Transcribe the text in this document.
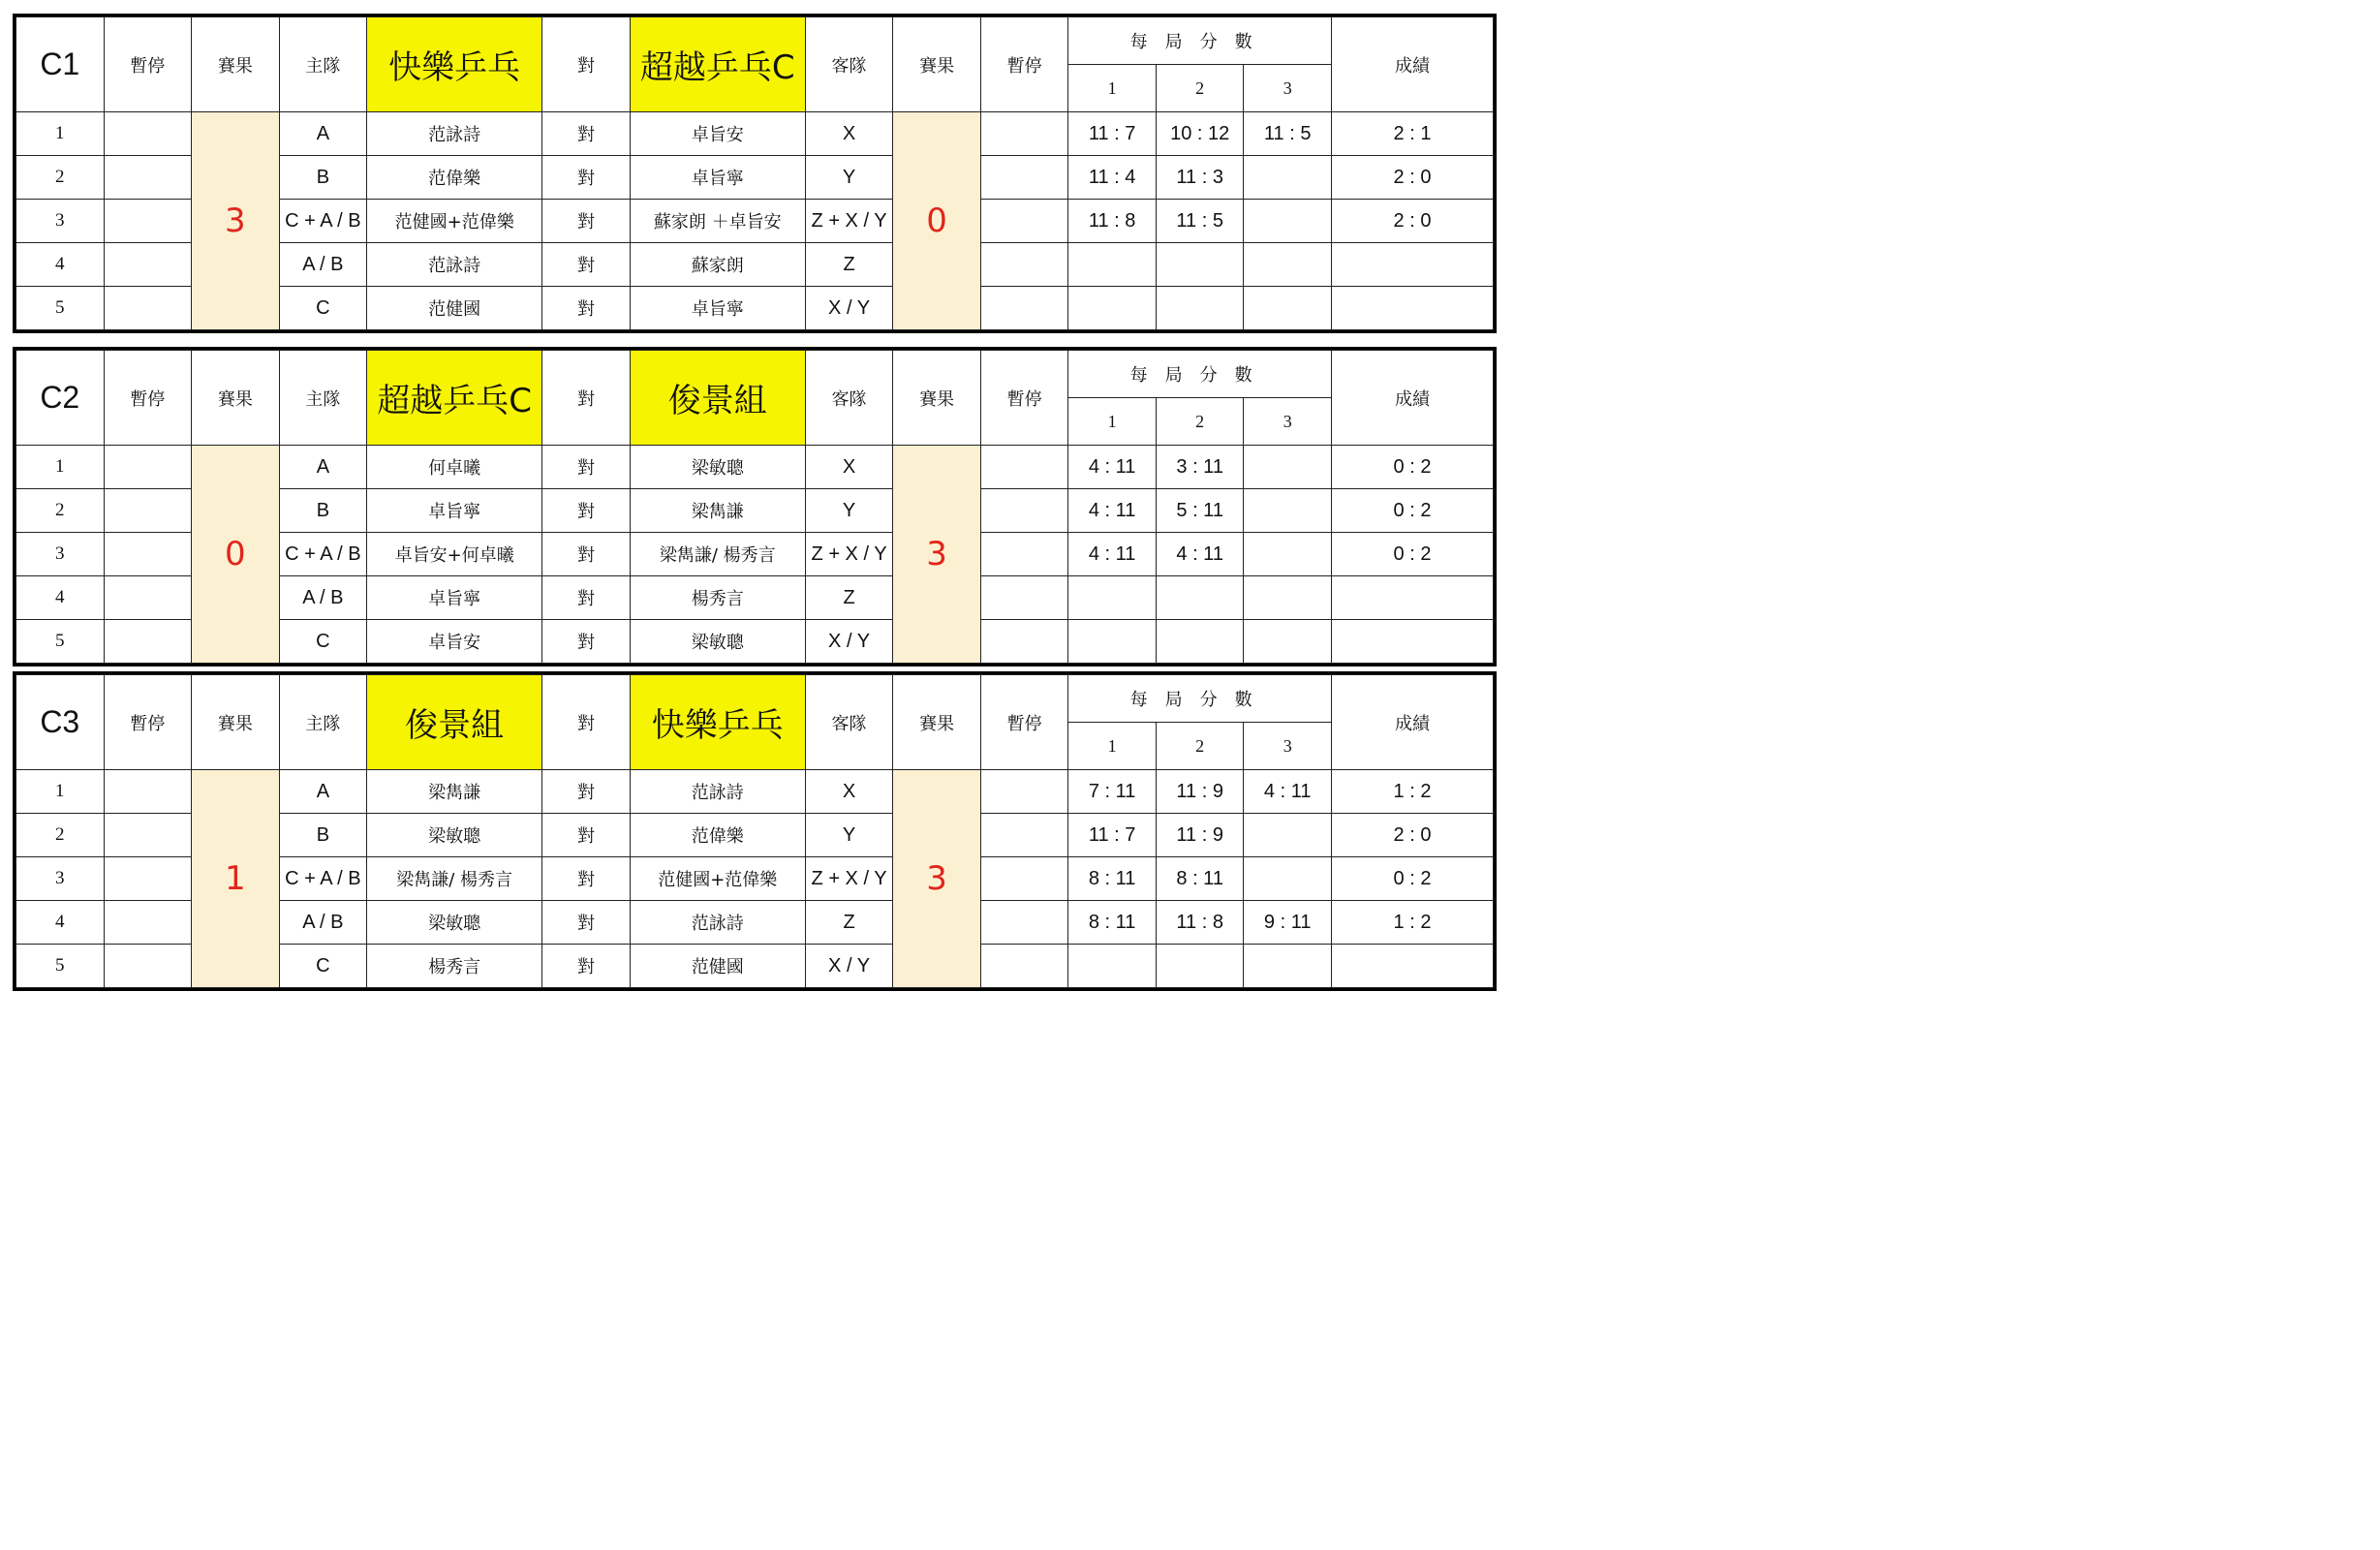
C1	暫停	賽果	主隊	快樂乒乓	對	超越乒乓C	客隊	賽果	暫停	每局分數			成績
										1	2	3	
1		3	A	范詠詩	對	卓旨安	X	0		11 : 7	10 : 12	11 : 5	2 : 1
2			B	范偉樂	對	卓旨寧	Y			11 : 4	11 : 3		2 : 0
3			C + A / B	范健國+范偉樂	對	蘇家朗 ＋卓旨安	Z + X / Y			11 : 8	11 : 5		2 : 0
4			A / B	范詠詩	對	蘇家朗	Z						
5			C	范健國	對	卓旨寧	X / Y						
C2	暫停	賽果	主隊	超越乒乓C	對	俊景組	客隊	賽果	暫停	每局分數			成績
										1	2	3	
1		0	A	何卓曦	對	梁敏聰	X	3		4 : 11	3 : 11		0 : 2
2			B	卓旨寧	對	梁雋謙	Y			4 : 11	5 : 11		0 : 2
3			C + A / B	卓旨安+何卓曦	對	梁雋謙/ 楊秀言	Z + X / Y			4 : 11	4 : 11		0 : 2
4			A / B	卓旨寧	對	楊秀言	Z						
5			C	卓旨安	對	梁敏聰	X / Y						
C3	暫停	賽果	主隊	俊景組	對	快樂乒乓	客隊	賽果	暫停	每局分數			成績
										1	2	3	
1		1	A	梁雋謙	對	范詠詩	X	3		7 : 11	11 : 9	4 : 11	1 : 2
2			B	梁敏聰	對	范偉樂	Y			11 : 7	11 : 9		2 : 0
3			C + A / B	梁雋謙/ 楊秀言	對	范健國+范偉樂	Z + X / Y			8 : 11	8 : 11		0 : 2
4			A / B	梁敏聰	對	范詠詩	Z			8 : 11	11 : 8	9 : 11	1 : 2
5			C	楊秀言	對	范健國	X / Y						
